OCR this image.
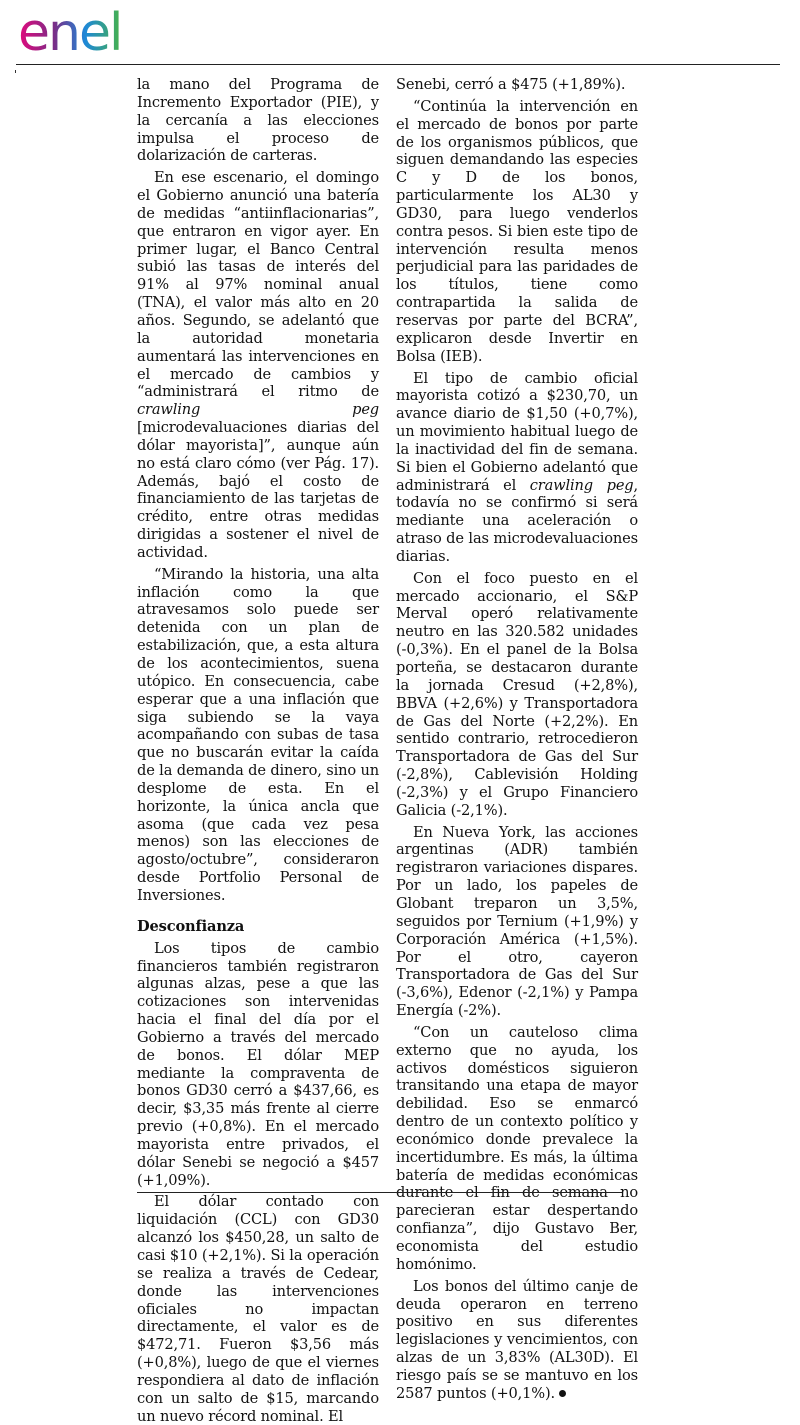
enel

la mano del Programa de Incremento Exportador (PIE), y la cercanía a las elecciones impulsa el proceso de dolarización de carteras.

En ese escenario, el domingo el Gobierno anunció una batería de medidas “antiinflacionarias”, que entraron en vigor ayer. En primer lugar, el Banco Central subió las tasas de interés del 91% al 97% nominal anual (TNA), el valor más alto en 20 años. Segundo, se adelantó que la autoridad monetaria aumentará las intervenciones en el mercado de cambios y “administrará el ritmo de crawling peg [microdevaluaciones diarias del dólar mayorista]”, aunque aún no está claro cómo (ver Pág. 17). Además, bajó el costo de financiamiento de las tarjetas de crédito, entre otras medidas dirigidas a sostener el nivel de actividad.

“Mirando la historia, una alta inflación como la que atravesamos solo puede ser detenida con un plan de estabilización, que, a esta altura de los acontecimientos, suena utópico. En consecuencia, cabe esperar que a una inflación que siga subiendo se la vaya acompañando con subas de tasa que no buscarán evitar la caída de la demanda de dinero, sino un desplome de esta. En el horizonte, la única ancla que asoma (que cada vez pesa menos) son las elecciones de agosto/octubre”, consideraron desde Portfolio Personal de Inversiones.

Desconfianza

Los tipos de cambio financieros también registraron algunas alzas, pese a que las cotizaciones son intervenidas hacia el final del día por el Gobierno a través del mercado de bonos. El dólar MEP mediante la compraventa de bonos GD30 cerró a $437,66, es decir, $3,35 más frente al cierre previo (+0,8%). En el mercado mayorista entre privados, el dólar Senebi se negoció a $457 (+1,09%).

El dólar contado con liquidación (CCL) con GD30 alcanzó los $450,28, un salto de casi $10 (+2,1%). Si la operación se realiza a través de Cedear, donde las intervenciones oficiales no impactan directamente, el valor es de $472,71. Fueron $3,56 más (+0,8%), luego de que el viernes respondiera al dato de inflación con un salto de $15, marcando un nuevo récord nominal. El

Senebi, cerró a $475 (+1,89%).

“Continúa la intervención en el mercado de bonos por parte de los organismos públicos, que siguen demandando las especies C y D de los bonos, particularmente los AL30 y GD30, para luego venderlos contra pesos. Si bien este tipo de intervención resulta menos perjudicial para las paridades de los títulos, tiene como contrapartida la salida de reservas por parte del BCRA”, explicaron desde Invertir en Bolsa (IEB).

El tipo de cambio oficial mayorista cotizó a $230,70, un avance diario de $1,50 (+0,7%), un movimiento habitual luego de la inactividad del fin de semana. Si bien el Gobierno adelantó que administrará el crawling peg, todavía no se confirmó si será mediante una aceleración o atraso de las microdevaluaciones diarias.

Con el foco puesto en el mercado accionario, el S&P Merval operó relativamente neutro en las 320.582 unidades (-0,3%). En el panel de la Bolsa porteña, se destacaron durante la jornada Cresud (+2,8%), BBVA (+2,6%) y Transportadora de Gas del Norte (+2,2%). En sentido contrario, retrocedieron Transportadora de Gas del Sur (-2,8%), Cablevisión Holding (-2,3%) y el Grupo Financiero Galicia (-2,1%).

En Nueva York, las acciones argentinas (ADR) también registraron variaciones dispares. Por un lado, los papeles de Globant treparon un 3,5%, seguidos por Ternium (+1,9%) y Corporación América (+1,5%). Por el otro, cayeron Transportadora de Gas del Sur (-3,6%), Edenor (-2,1%) y Pampa Energía (-2%).

“Con un cauteloso clima externo que no ayuda, los activos domésticos siguieron transitando una etapa de mayor debilidad. Eso se enmarcó dentro de un contexto político y económico donde prevalece la incertidumbre. Es más, la última batería de medidas económicas durante el fin de semana no parecieran estar despertando confianza”, dijo Gustavo Ber, economista del estudio homónimo.

Los bonos del último canje de deuda operaron en terreno positivo en sus diferentes legislaciones y vencimientos, con alzas de un 3,83% (AL30D). El riesgo país se se mantuvo en los 2587 puntos (+0,1%).
